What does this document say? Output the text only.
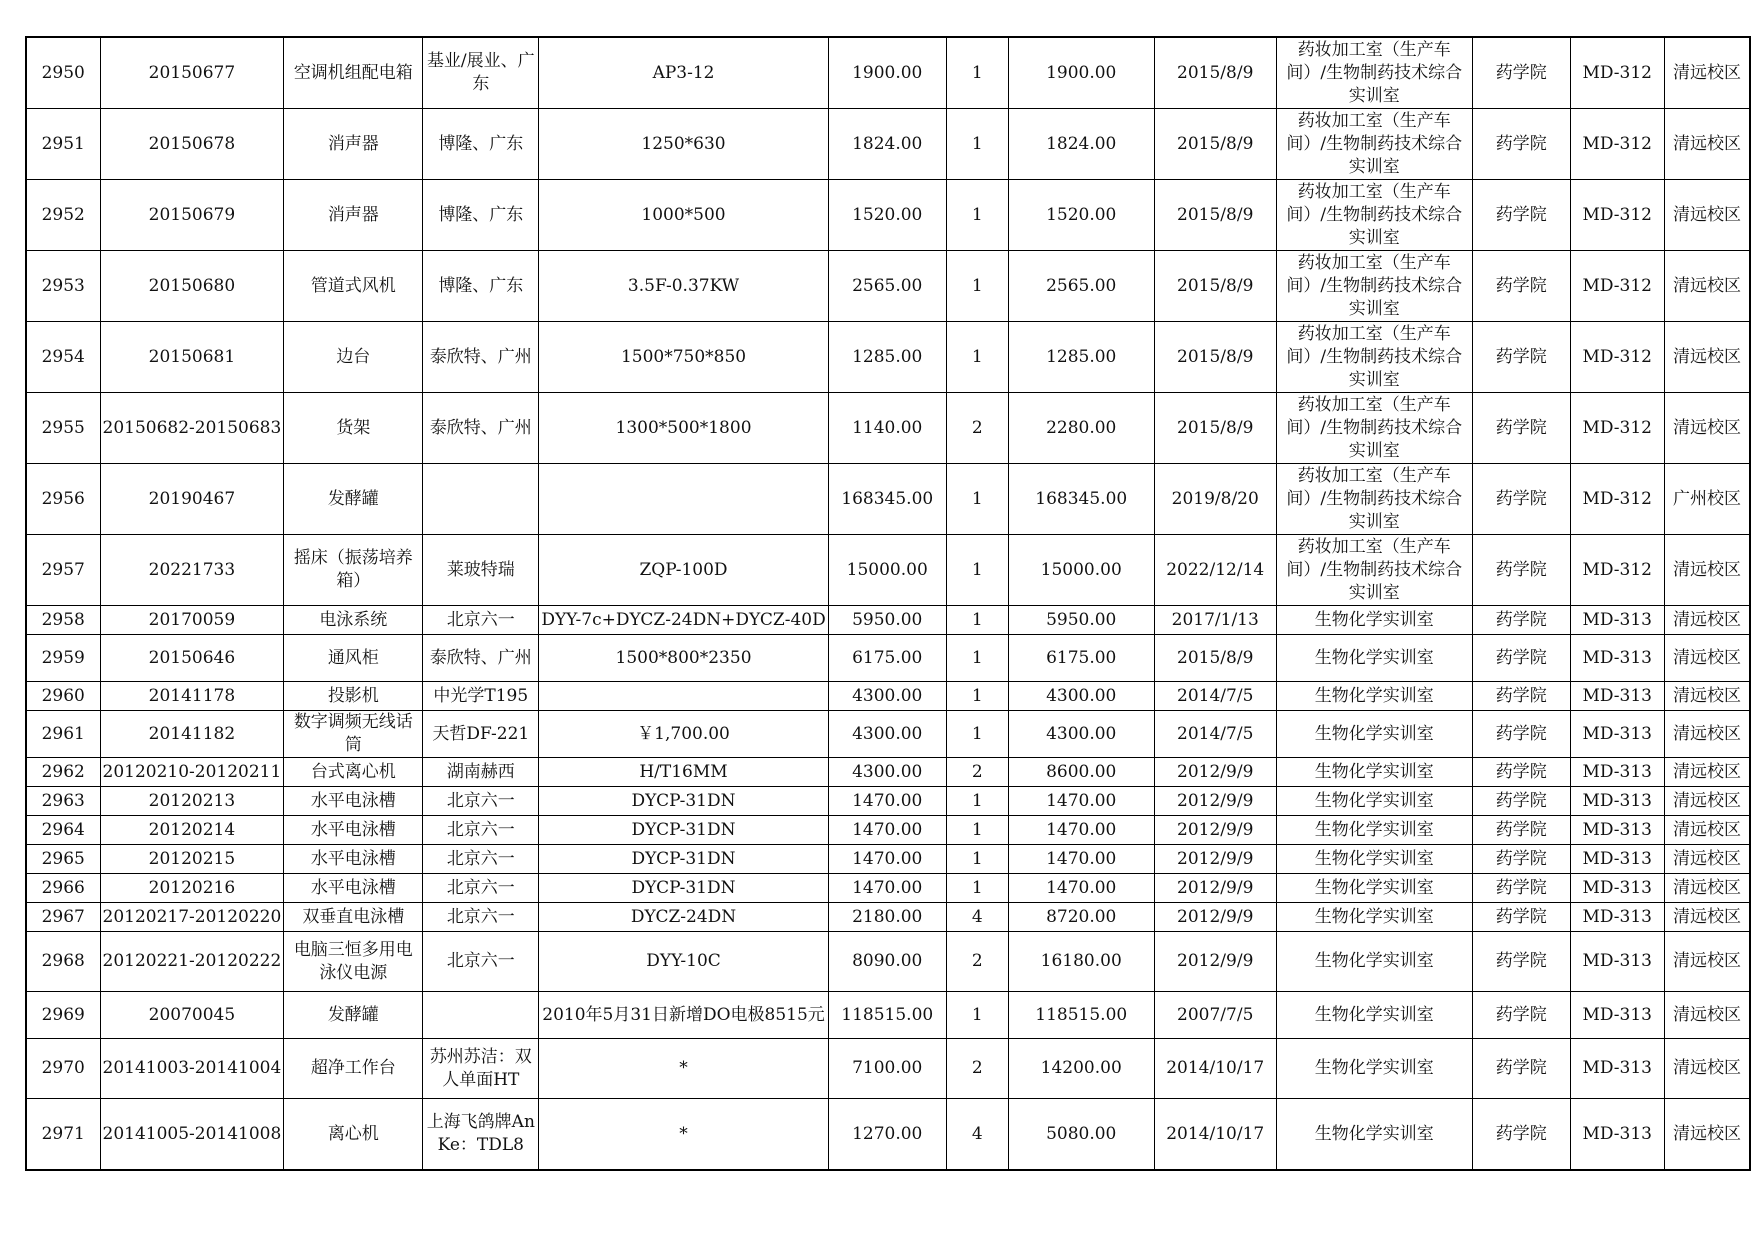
2950	20150677	空调机组配电箱	基业/展业、广东	AP3-12	1900.00	1	1900.00	2015/8/9	药妆加工室（生产车间）/生物制药技术综合实训室	药学院	MD-312	清远校区
2951	20150678	消声器	博隆、广东	1250*630	1824.00	1	1824.00	2015/8/9	药妆加工室（生产车间）/生物制药技术综合实训室	药学院	MD-312	清远校区
2952	20150679	消声器	博隆、广东	1000*500	1520.00	1	1520.00	2015/8/9	药妆加工室（生产车间）/生物制药技术综合实训室	药学院	MD-312	清远校区
2953	20150680	管道式风机	博隆、广东	3.5F-0.37KW	2565.00	1	2565.00	2015/8/9	药妆加工室（生产车间）/生物制药技术综合实训室	药学院	MD-312	清远校区
2954	20150681	边台	泰欣特、广州	1500*750*850	1285.00	1	1285.00	2015/8/9	药妆加工室（生产车间）/生物制药技术综合实训室	药学院	MD-312	清远校区
2955	20150682-20150683	货架	泰欣特、广州	1300*500*1800	1140.00	2	2280.00	2015/8/9	药妆加工室（生产车间）/生物制药技术综合实训室	药学院	MD-312	清远校区
2956	20190467	发酵罐			168345.00	1	168345.00	2019/8/20	药妆加工室（生产车间）/生物制药技术综合实训室	药学院	MD-312	广州校区
2957	20221733	摇床（振荡培养箱）	莱玻特瑞	ZQP-100D	15000.00	1	15000.00	2022/12/14	药妆加工室（生产车间）/生物制药技术综合实训室	药学院	MD-312	清远校区
2958	20170059	电泳系统	北京六一	DYY-7c+DYCZ-24DN+DYCZ-40D	5950.00	1	5950.00	2017/1/13	生物化学实训室	药学院	MD-313	清远校区
2959	20150646	通风柜	泰欣特、广州	1500*800*2350	6175.00	1	6175.00	2015/8/9	生物化学实训室	药学院	MD-313	清远校区
2960	20141178	投影机	中光学T195		4300.00	1	4300.00	2014/7/5	生物化学实训室	药学院	MD-313	清远校区
2961	20141182	数字调频无线话筒	天哲DF-221	￥1,700.00	4300.00	1	4300.00	2014/7/5	生物化学实训室	药学院	MD-313	清远校区
2962	20120210-20120211	台式离心机	湖南赫西	H/T16MM	4300.00	2	8600.00	2012/9/9	生物化学实训室	药学院	MD-313	清远校区
2963	20120213	水平电泳槽	北京六一	DYCP-31DN	1470.00	1	1470.00	2012/9/9	生物化学实训室	药学院	MD-313	清远校区
2964	20120214	水平电泳槽	北京六一	DYCP-31DN	1470.00	1	1470.00	2012/9/9	生物化学实训室	药学院	MD-313	清远校区
2965	20120215	水平电泳槽	北京六一	DYCP-31DN	1470.00	1	1470.00	2012/9/9	生物化学实训室	药学院	MD-313	清远校区
2966	20120216	水平电泳槽	北京六一	DYCP-31DN	1470.00	1	1470.00	2012/9/9	生物化学实训室	药学院	MD-313	清远校区
2967	20120217-20120220	双垂直电泳槽	北京六一	DYCZ-24DN	2180.00	4	8720.00	2012/9/9	生物化学实训室	药学院	MD-313	清远校区
2968	20120221-20120222	电脑三恒多用电泳仪电源	北京六一	DYY-10C	8090.00	2	16180.00	2012/9/9	生物化学实训室	药学院	MD-313	清远校区
2969	20070045	发酵罐		2010年5月31日新增DO电极8515元	118515.00	1	118515.00	2007/7/5	生物化学实训室	药学院	MD-313	清远校区
2970	20141003-20141004	超净工作台	苏州苏洁：双人单面HT	*	7100.00	2	14200.00	2014/10/17	生物化学实训室	药学院	MD-313	清远校区
2971	20141005-20141008	离心机	上海飞鸽牌AnKe：TDL8	*	1270.00	4	5080.00	2014/10/17	生物化学实训室	药学院	MD-313	清远校区
